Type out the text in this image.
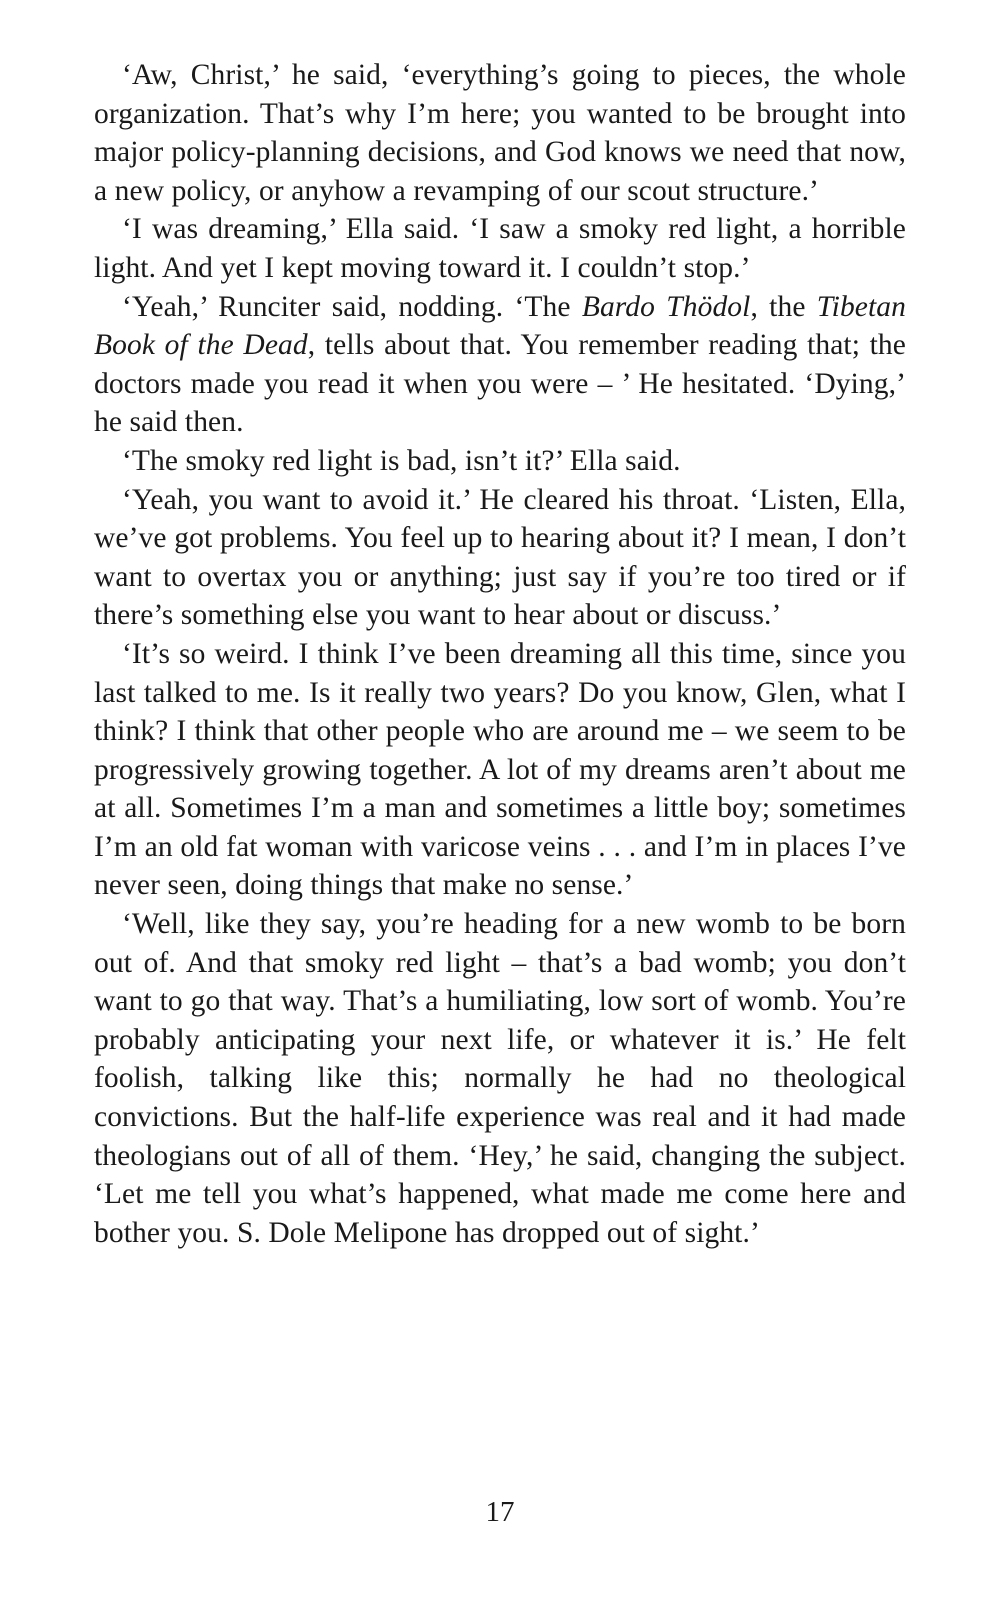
‘Aw, Christ,’ he said, ‘everything’s going to pieces, the whole organization. That’s why I’m here; you wanted to be brought into major policy-planning decisions, and God knows we need that now, a new policy, or anyhow a revamping of our scout structure.’

‘I was dreaming,’ Ella said. ‘I saw a smoky red light, a horrible light. And yet I kept moving toward it. I couldn’t stop.’

‘Yeah,’ Runciter said, nodding. ‘The Bardo Thödol, the Tibetan Book of the Dead, tells about that. You remember reading that; the doctors made you read it when you were – ’ He hesitated. ‘Dying,’ he said then.

‘The smoky red light is bad, isn’t it?’ Ella said.

‘Yeah, you want to avoid it.’ He cleared his throat. ‘Listen, Ella, we’ve got problems. You feel up to hearing about it? I mean, I don’t want to overtax you or anything; just say if you’re too tired or if there’s something else you want to hear about or discuss.’

‘It’s so weird. I think I’ve been dreaming all this time, since you last talked to me. Is it really two years? Do you know, Glen, what I think? I think that other people who are around me – we seem to be progressively growing together. A lot of my dreams aren’t about me at all. Sometimes I’m a man and sometimes a little boy; sometimes I’m an old fat woman with varicose veins . . . and I’m in places I’ve never seen, doing things that make no sense.’

‘Well, like they say, you’re heading for a new womb to be born out of. And that smoky red light – that’s a bad womb; you don’t want to go that way. That’s a humiliating, low sort of womb. You’re probably anticipating your next life, or whatever it is.’ He felt foolish, talking like this; normally he had no theological convictions. But the half-life experience was real and it had made theologians out of all of them. ‘Hey,’ he said, changing the subject. ‘Let me tell you what’s happened, what made me come here and bother you. S. Dole Melipone has dropped out of sight.’

17
